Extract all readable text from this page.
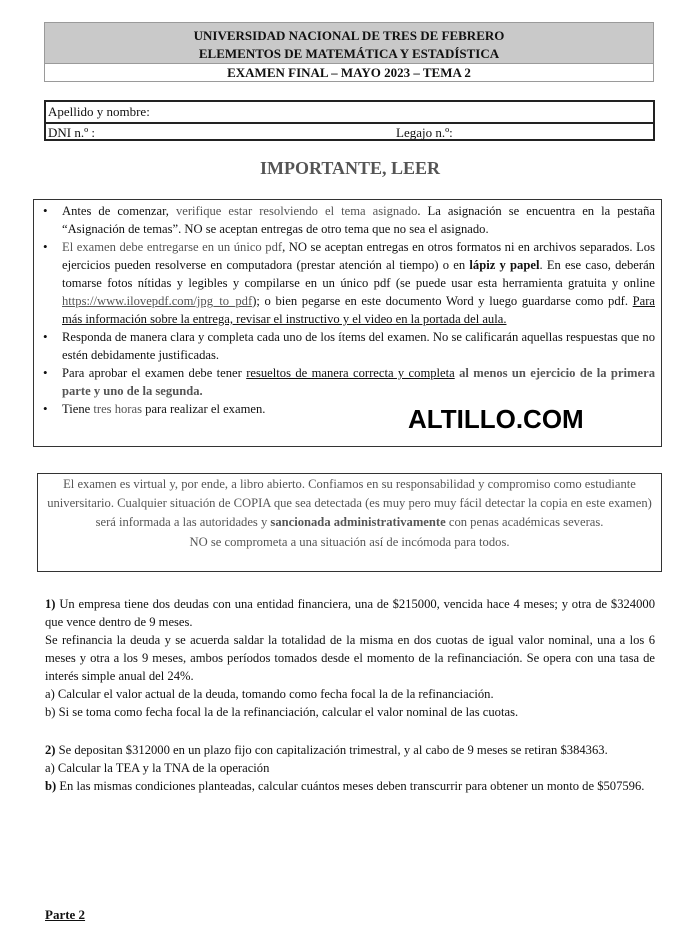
UNIVERSIDAD NACIONAL DE TRES DE FEBRERO
ELEMENTOS DE MATEMÁTICA Y ESTADÍSTICA
EXAMEN FINAL – MAYO 2023 – TEMA 2
Apellido y nombre:
DNI n.º :	Legajo n.º:
IMPORTANTE, LEER
• Antes de comenzar, verifique estar resolviendo el tema asignado. La asignación se encuentra en la pestaña “Asignación de temas”. NO se aceptan entregas de otro tema que no sea el asignado.
• El examen debe entregarse en un único pdf, NO se aceptan entregas en otros formatos ni en archivos separados. Los ejercicios pueden resolverse en computadora (prestar atención al tiempo) o en lápiz y papel. En ese caso, deberán tomarse fotos nítidas y legibles y compilarse en un único pdf (se puede usar esta herramienta gratuita y online https://www.ilovepdf.com/jpg_to_pdf); o bien pegarse en este documento Word y luego guardarse como pdf. Para más información sobre la entrega, revisar el instructivo y el video en la portada del aula.
• Responda de manera clara y completa cada uno de los ítems del examen. No se calificarán aquellas respuestas que no estén debidamente justificadas.
• Para aprobar el examen debe tener resueltos de manera correcta y completa al menos un ejercicio de la primera parte y uno de la segunda.
• Tiene tres horas para realizar el examen.	ALTILLO.COM

El examen es virtual y, por ende, a libro abierto. Confiamos en su responsabilidad y compromiso como estudiante universitario. Cualquier situación de COPIA que sea detectada (es muy pero muy fácil detectar la copia en este examen) será informada a las autoridades y sancionada administrativamente con penas académicas severas.

NO se comprometa a una situación así de incómoda para todos.

1) Un empresa tiene dos deudas con una entidad financiera, una de $215000, vencida hace 4 meses; y otra de $324000 que vence dentro de 9 meses.

Se refinancia la deuda y se acuerda saldar la totalidad de la misma en dos cuotas de igual valor nominal, una a los 6 meses y otra a los 9 meses, ambos períodos tomados desde el momento de la refinanciación. Se opera con una tasa de interés simple anual del 24%.

a) Calcular el valor actual de la deuda, tomando como fecha focal la de la refinanciación.

b) Si se toma como fecha focal la de la refinanciación, calcular el valor nominal de las cuotas.

2) Se depositan $312000 en un plazo fijo con capitalización trimestral, y al cabo de 9 meses se retiran $384363.

a) Calcular la TEA y la TNA de la operación

b) En las mismas condiciones planteadas, calcular cuántos meses deben transcurrir para obtener un monto de $507596.

Parte 2
